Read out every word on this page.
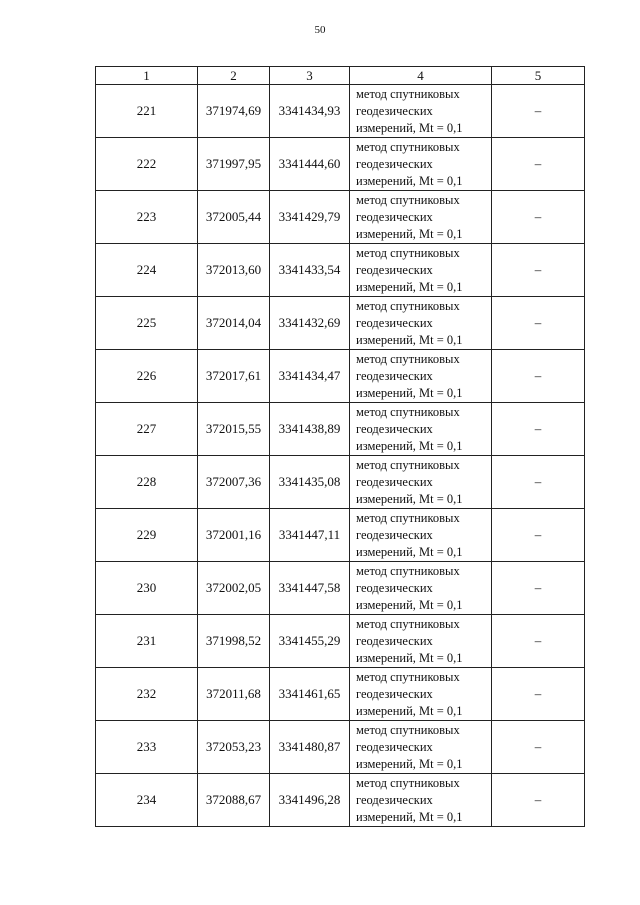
50
1	2	3	4	5
221	371974,69	3341434,93	метод спутниковых
геодезических
измерений, Mt = 0,1	–
222	371997,95	3341444,60	метод спутниковых
геодезических
измерений, Mt = 0,1	–
223	372005,44	3341429,79	метод спутниковых
геодезических
измерений, Mt = 0,1	–
224	372013,60	3341433,54	метод спутниковых
геодезических
измерений, Mt = 0,1	–
225	372014,04	3341432,69	метод спутниковых
геодезических
измерений, Mt = 0,1	–
226	372017,61	3341434,47	метод спутниковых
геодезических
измерений, Mt = 0,1	–
227	372015,55	3341438,89	метод спутниковых
геодезических
измерений, Mt = 0,1	–
228	372007,36	3341435,08	метод спутниковых
геодезических
измерений, Mt = 0,1	–
229	372001,16	3341447,11	метод спутниковых
геодезических
измерений, Mt = 0,1	–
230	372002,05	3341447,58	метод спутниковых
геодезических
измерений, Mt = 0,1	–
231	371998,52	3341455,29	метод спутниковых
геодезических
измерений, Mt = 0,1	–
232	372011,68	3341461,65	метод спутниковых
геодезических
измерений, Mt = 0,1	–
233	372053,23	3341480,87	метод спутниковых
геодезических
измерений, Mt = 0,1	–
234	372088,67	3341496,28	метод спутниковых
геодезических
измерений, Mt = 0,1	–
